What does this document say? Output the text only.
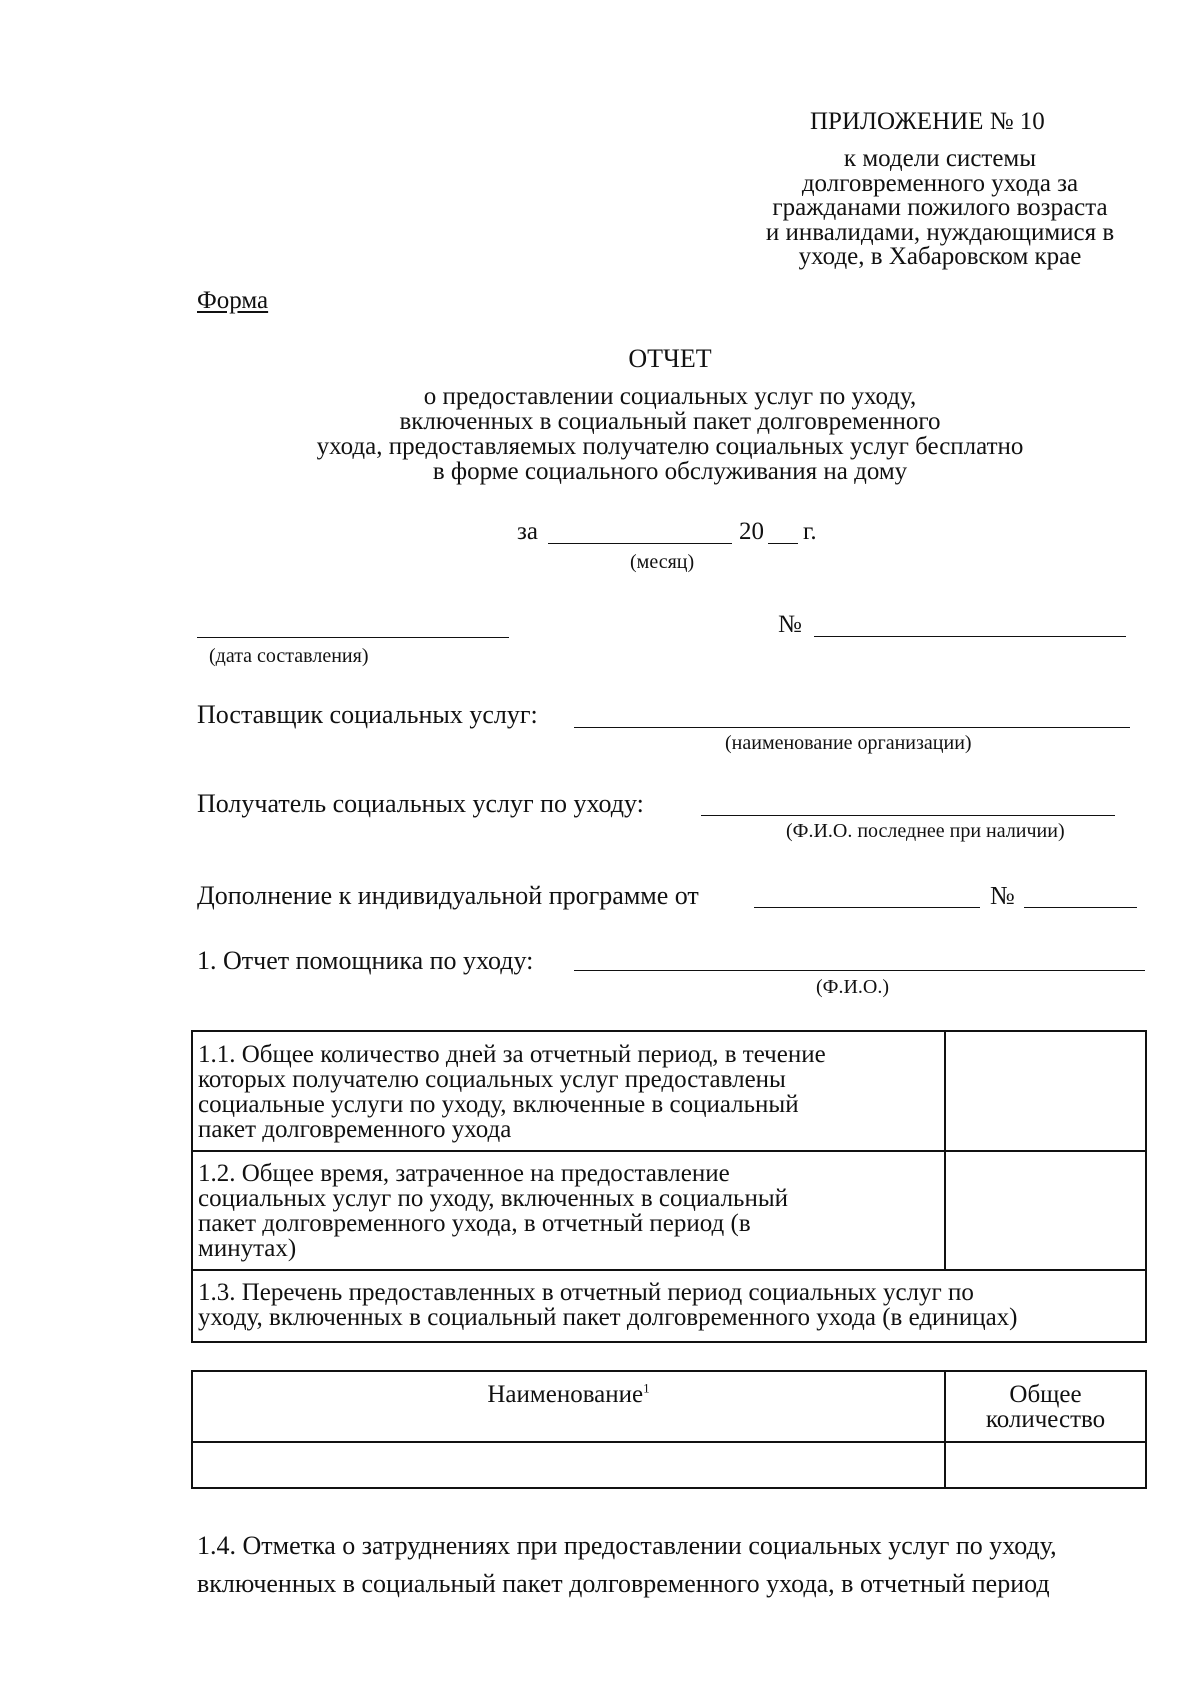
ПРИЛОЖЕНИЕ № 10
к модели системы
долговременного ухода за
гражданами пожилого возраста
и инвалидами, нуждающимися в
уходе, в Хабаровском крае
Форма
ОТЧЕТ
о предоставлении социальных услуг по уходу,
включенных в социальный пакет долговременного
ухода, предоставляемых получателю социальных услуг бесплатно
в форме социального обслуживания на дому
за	20 г.
(месяц)
(дата составления)
№
Поставщик социальных услуг:
(наименование организации)
Получатель социальных услуг по уходу:
(Ф.И.О. последнее при наличии)
Дополнение к индивидуальной программе от	№
1. Отчет помощника по уходу:
(Ф.И.О.)
1.1. Общее количество дней за отчетный период, в течение
которых получателю социальных услуг предоставлены
социальные услуги по уходу, включенные в социальный
пакет долговременного ухода
1.2. Общее время, затраченное на предоставление
социальных услуг по уходу, включенных в социальный
пакет долговременного ухода, в отчетный период (в
минутах)
1.3. Перечень предоставленных в отчетный период социальных услуг по
уходу, включенных в социальный пакет долговременного ухода (в единицах)
Наименование$^1$	Общее
количество
1.4. Отметка о затруднениях при предоставлении социальных услуг по уходу,
включенных в социальный пакет долговременного ухода, в отчетный период
